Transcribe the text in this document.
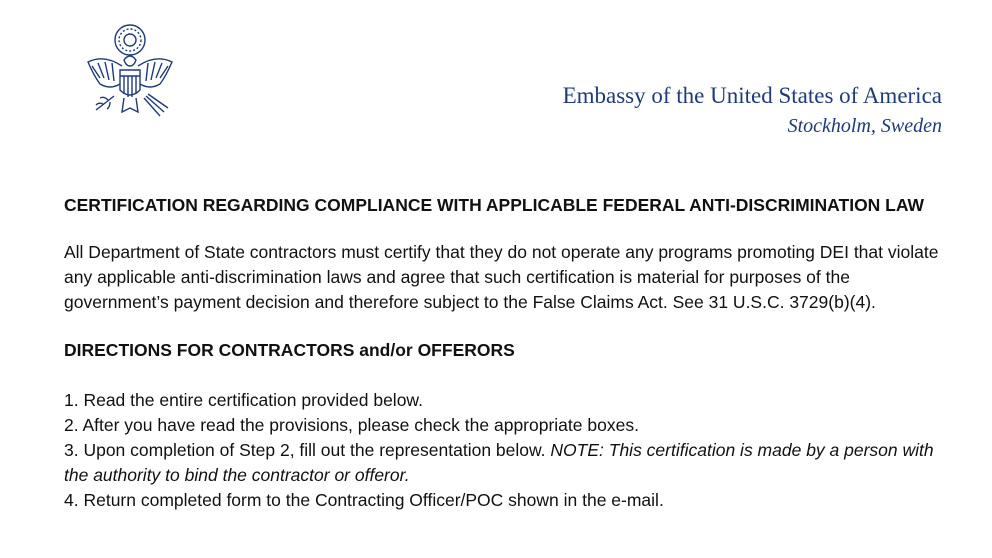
Embassy of the United States of America
Stockholm, Sweden

CERTIFICATION REGARDING COMPLIANCE WITH APPLICABLE FEDERAL ANTI-DISCRIMINATION LAW

All Department of State contractors must certify that they do not operate any programs promoting DEI that violate any applicable anti-discrimination laws and agree that such certification is material for purposes of the government’s payment decision and therefore subject to the False Claims Act. See 31 U.S.C. 3729(b)(4).

DIRECTIONS FOR CONTRACTORS and/or OFFERORS

1. Read the entire certification provided below.
2. After you have read the provisions, please check the appropriate boxes.
3. Upon completion of Step 2, fill out the representation below. NOTE: This certification is made by a person with the authority to bind the contractor or offeror.
4. Return completed form to the Contracting Officer/POC shown in the e-mail.
